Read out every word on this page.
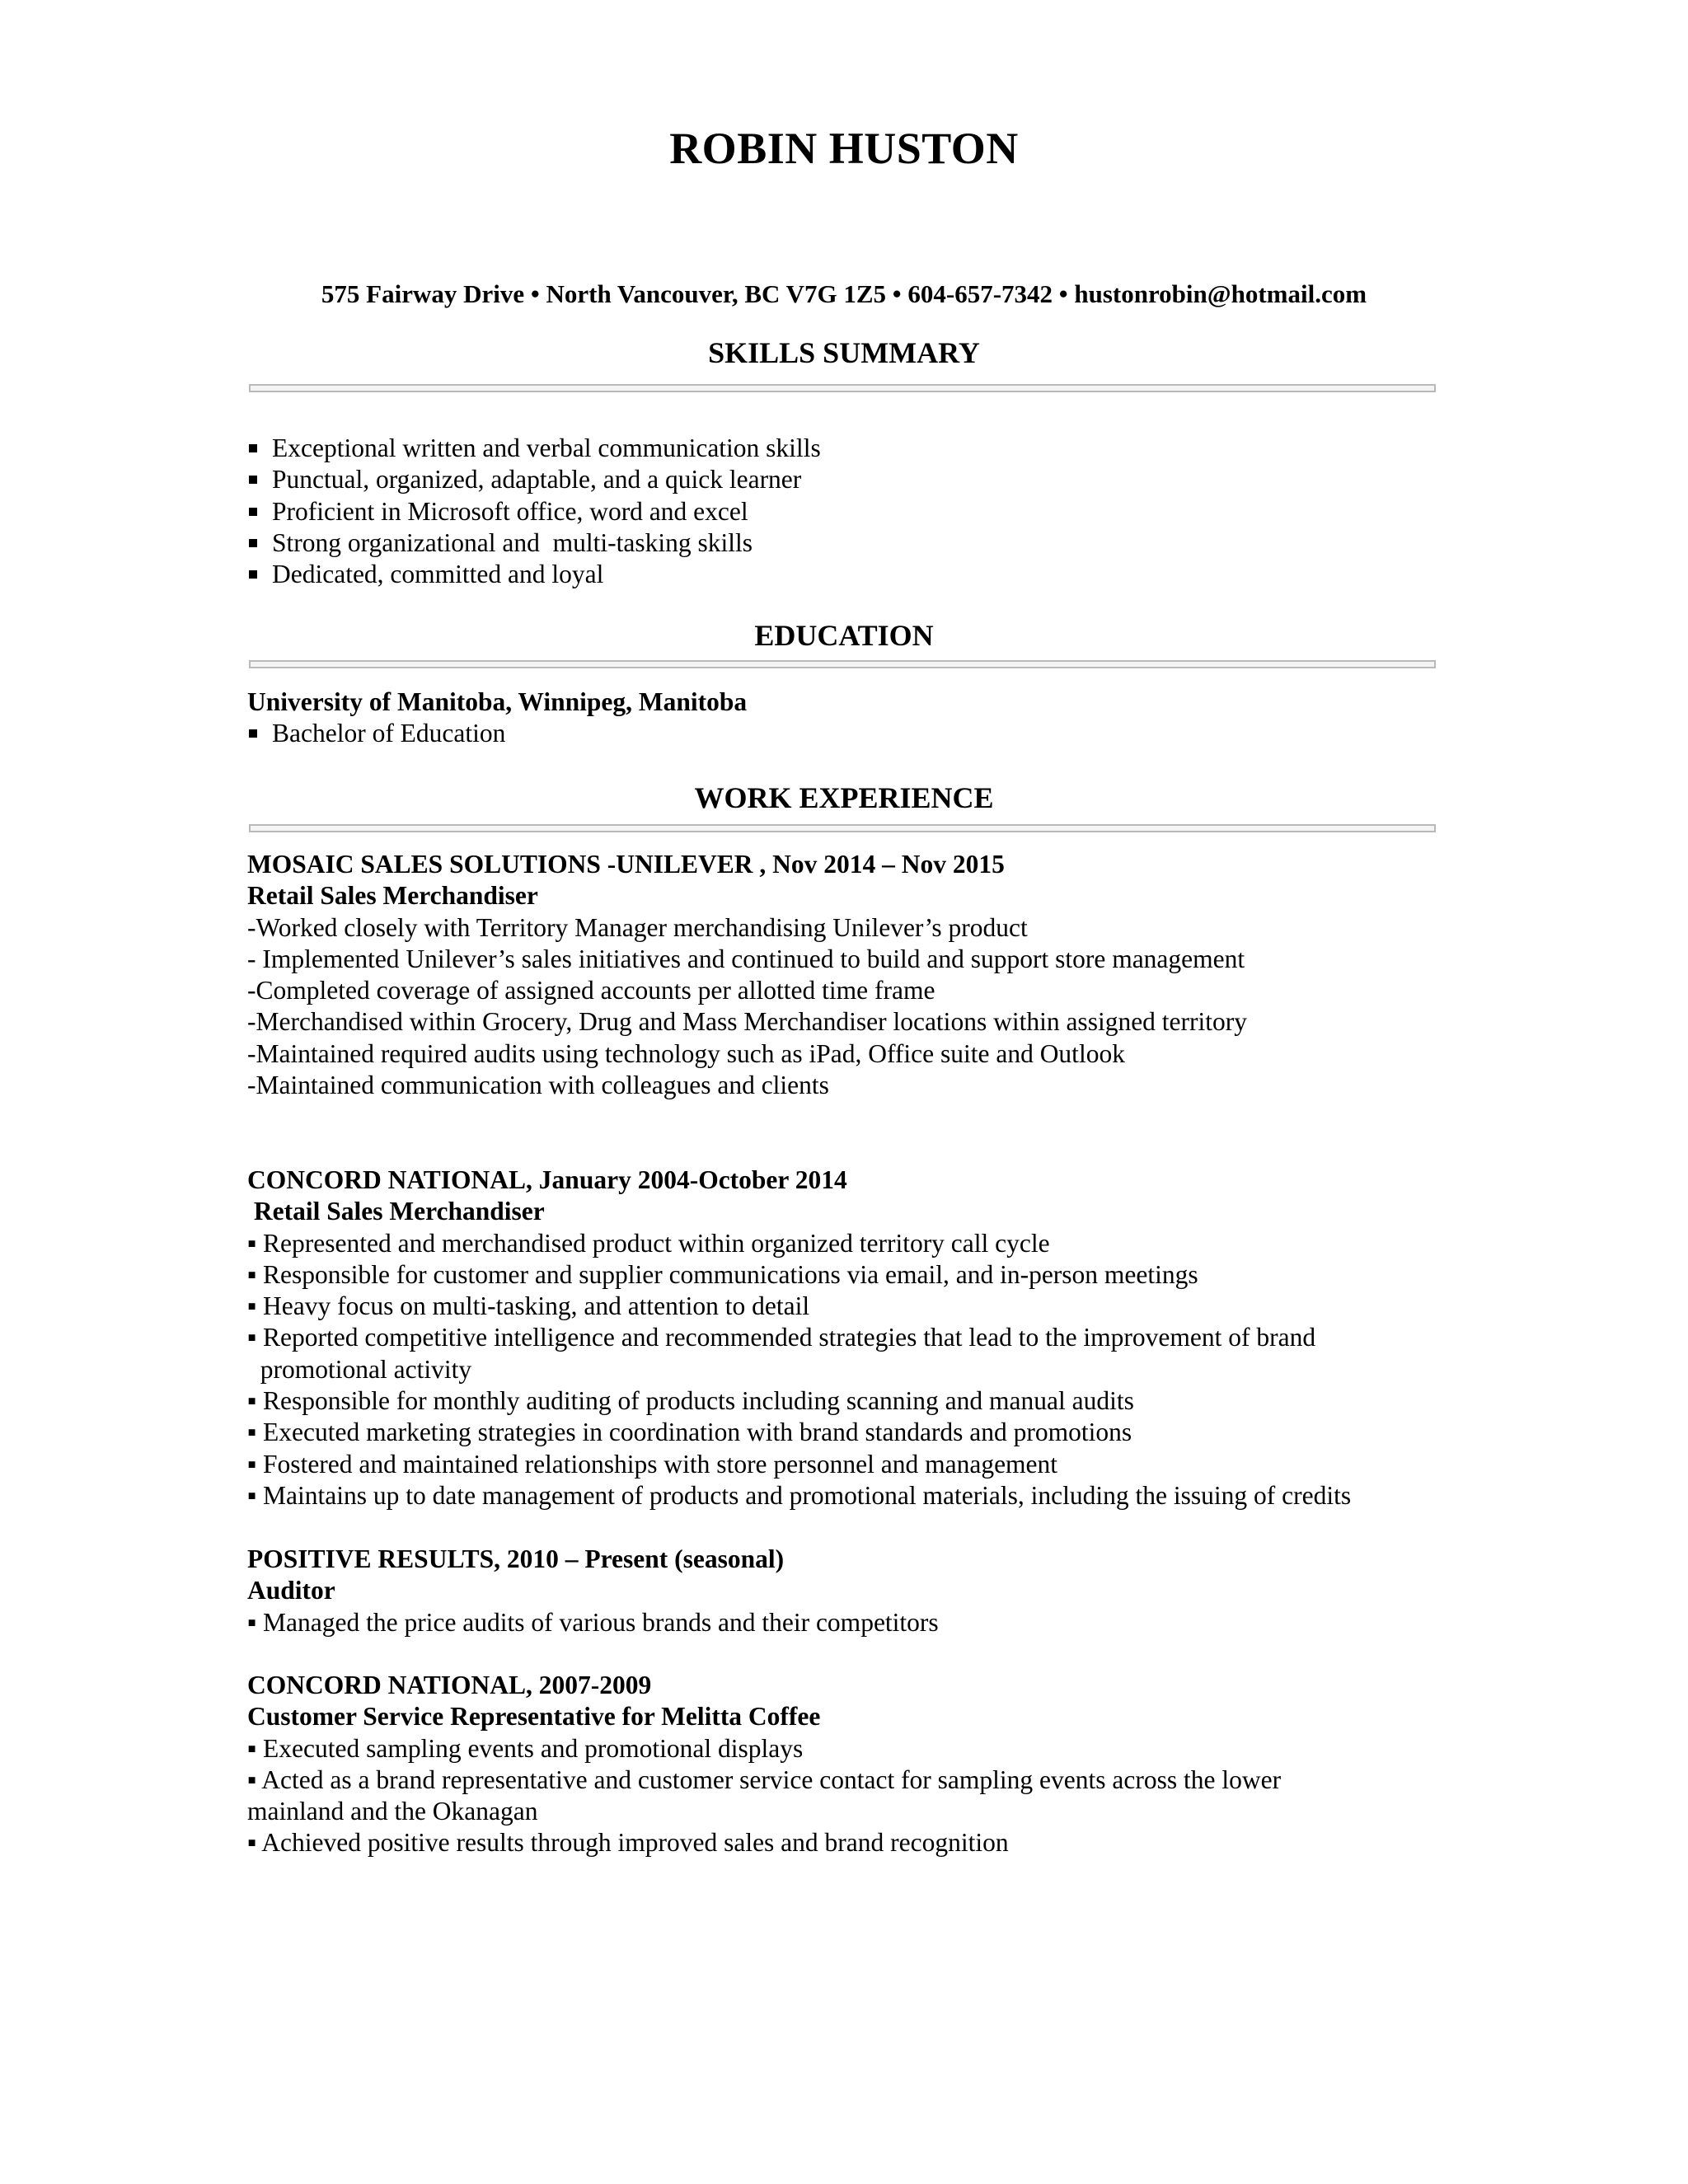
ROBIN HUSTON
575 Fairway Drive • North Vancouver, BC V7G 1Z5 • 604-657-7342 • hustonrobin@hotmail.com
SKILLS SUMMARY
Exceptional written and verbal communication skills
Punctual, organized, adaptable, and a quick learner
Proficient in Microsoft office, word and excel
Strong organizational and  multi-tasking skills
Dedicated, committed and loyal
EDUCATION
University of Manitoba, Winnipeg, Manitoba
Bachelor of Education
WORK EXPERIENCE
MOSAIC SALES SOLUTIONS -UNILEVER , Nov 2014 – Nov 2015
Retail Sales Merchandiser
-Worked closely with Territory Manager merchandising Unilever’s product
- Implemented Unilever’s sales initiatives and continued to build and support store management
-Completed coverage of assigned accounts per allotted time frame
-Merchandised within Grocery, Drug and Mass Merchandiser locations within assigned territory
-Maintained required audits using technology such as iPad, Office suite and Outlook
-Maintained communication with colleagues and clients
CONCORD NATIONAL, January 2004-October 2014
Retail Sales Merchandiser
▪ Represented and merchandised product within organized territory call cycle
▪ Responsible for customer and supplier communications via email, and in-person meetings
▪ Heavy focus on multi-tasking, and attention to detail
▪ Reported competitive intelligence and recommended strategies that lead to the improvement of brand
promotional activity
▪ Responsible for monthly auditing of products including scanning and manual audits
▪ Executed marketing strategies in coordination with brand standards and promotions
▪ Fostered and maintained relationships with store personnel and management
▪ Maintains up to date management of products and promotional materials, including the issuing of credits
POSITIVE RESULTS, 2010 – Present (seasonal)
Auditor
▪ Managed the price audits of various brands and their competitors
CONCORD NATIONAL, 2007-2009
Customer Service Representative for Melitta Coffee
▪ Executed sampling events and promotional displays
▪ Acted as a brand representative and customer service contact for sampling events across the lower
mainland and the Okanagan
▪ Achieved positive results through improved sales and brand recognition
